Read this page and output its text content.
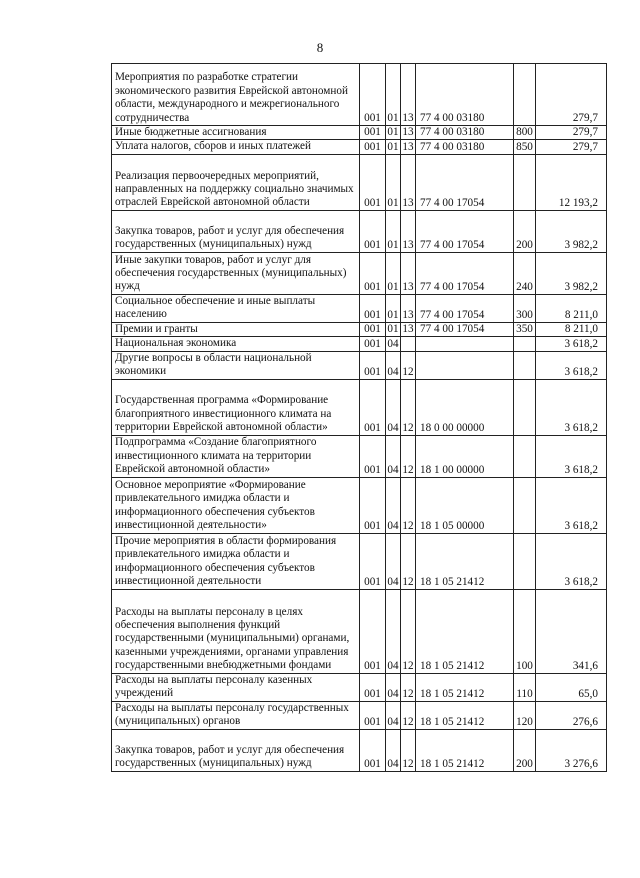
8
Мероприятия по разработке стратегии экономического развития Еврейской автономной области, международного и межрегионального сотрудничества	001	01	13	77 4 00 03180		279,7
Иные бюджетные ассигнования	001	01	13	77 4 00 03180	800	279,7
Уплата налогов, сборов и иных платежей	001	01	13	77 4 00 03180	850	279,7
Реализация первоочередных мероприятий, направленных на поддержку социально значимых отраслей Еврейской автономной области	001	01	13	77 4 00 17054		12 193,2
Закупка товаров, работ и услуг для обеспечения государственных (муниципальных) нужд	001	01	13	77 4 00 17054	200	3 982,2
Иные закупки товаров, работ и услуг для обеспечения государственных (муниципальных) нужд	001	01	13	77 4 00 17054	240	3 982,2
Социальное обеспечение и иные выплаты населению	001	01	13	77 4 00 17054	300	8 211,0
Премии и гранты	001	01	13	77 4 00 17054	350	8 211,0
Национальная экономика	001	04				3 618,2
Другие вопросы в области национальной экономики	001	04	12			3 618,2
Государственная программа «Формирование благоприятного инвестиционного климата на территории Еврейской автономной области»	001	04	12	18 0 00 00000		3 618,2
Подпрограмма «Создание благоприятного инвестиционного климата на территории Еврейской автономной области»	001	04	12	18 1 00 00000		3 618,2
Основное мероприятие «Формирование привлекательного имиджа области и информационного обеспечения субъектов инвестиционной деятельности»	001	04	12	18 1 05 00000		3 618,2
Прочие мероприятия в области формирования привлекательного имиджа области и информационного обеспечения субъектов инвестиционной деятельности	001	04	12	18 1 05 21412		3 618,2
Расходы на выплаты персоналу в целях обеспечения выполнения функций государственными (муниципальными) органами, казенными учреждениями, органами управления государственными внебюджетными фондами	001	04	12	18 1 05 21412	100	341,6
Расходы на выплаты персоналу казенных учреждений	001	04	12	18 1 05 21412	110	65,0
Расходы на выплаты персоналу государственных (муниципальных) органов	001	04	12	18 1 05 21412	120	276,6
Закупка товаров, работ и услуг для обеспечения государственных (муниципальных) нужд	001	04	12	18 1 05 21412	200	3 276,6
